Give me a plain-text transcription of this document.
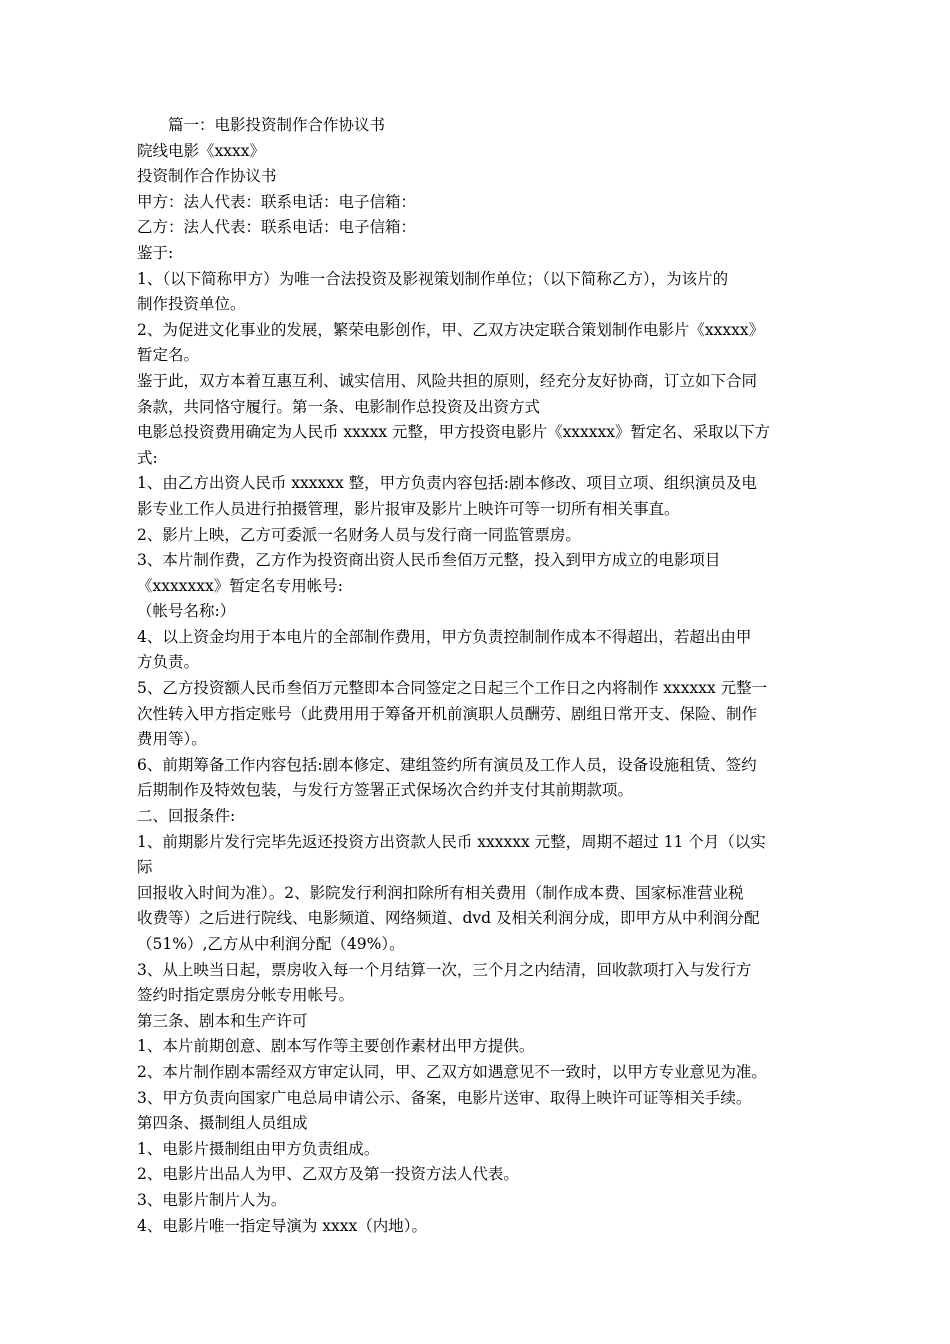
　　篇一：电影投资制作合作协议书
院线电影《xxxx》
投资制作合作协议书
甲方：法人代表：联系电话：电子信箱：
乙方：法人代表：联系电话：电子信箱：
鉴于:
1、（以下简称甲方）为唯一合法投资及影视策划制作单位；（以下简称乙方），为该片的
制作投资单位。
2、为促进文化事业的发展，繁荣电影创作，甲、乙双方决定联合策划制作电影片《xxxxx》
暂定名。
鉴于此，双方本着互惠互利、诚实信用、风险共担的原则，经充分友好协商，订立如下合同
条款，共同恪守履行。第一条、电影制作总投资及出资方式
电影总投资费用确定为人民币 xxxxx 元整，甲方投资电影片《xxxxxx》暂定名、采取以下方
式:
1、由乙方出资人民币 xxxxxx 整，甲方负责内容包括:剧本修改、项目立项、组织演员及电
影专业工作人员进行拍摄管理，影片报审及影片上映许可等一切所有相关事直。
2、影片上映，乙方可委派一名财务人员与发行商一同监管票房。
3、本片制作费，乙方作为投资商出资人民币叁佰万元整，投入到甲方成立的电影项目
《xxxxxxx》暂定名专用帐号:
（帐号名称:）
4、以上资金均用于本电片的全部制作费用，甲方负责控制制作成本不得超出，若超出由甲
方负责。
5、乙方投资额人民币叁佰万元整即本合同签定之日起三个工作日之内将制作 xxxxxx 元整一
次性转入甲方指定账号（此费用用于筹备开机前演职人员酬劳、剧组日常开支、保险、制作
费用等）。
6、前期筹备工作内容包括:剧本修定、建组签约所有演员及工作人员，设备设施租赁、签约
后期制作及特效包装，与发行方签署正式保场次合约并支付其前期款项。
二、回报条件:
1、前期影片发行完毕先返还投资方出资款人民币 xxxxxx 元整，周期不超过 11 个月（以实
际
回报收入时间为准）。2、影院发行利润扣除所有相关费用（制作成本费、国家标准营业税
收费等）之后进行院线、电影频道、网络频道、dvd 及相关利润分成，即甲方从中利润分配
（51%）,乙方从中利润分配（49%）。
3、从上映当日起，票房收入每一个月结算一次，三个月之内结清，回收款项打入与发行方
签约时指定票房分帐专用帐号。
第三条、剧本和生产许可
1、本片前期创意、剧本写作等主要创作素材出甲方提供。
2、本片制作剧本需经双方审定认同，甲、乙双方如遇意见不一致时，以甲方专业意见为准。
3、甲方负责向国家广电总局申请公示、备案，电影片送审、取得上映许可证等相关手续。
第四条、摄制组人员组成
1、电影片摄制组由甲方负责组成。
2、电影片出品人为甲、乙双方及第一投资方法人代表。
3、电影片制片人为。
4、电影片唯一指定导演为 xxxx（内地）。
